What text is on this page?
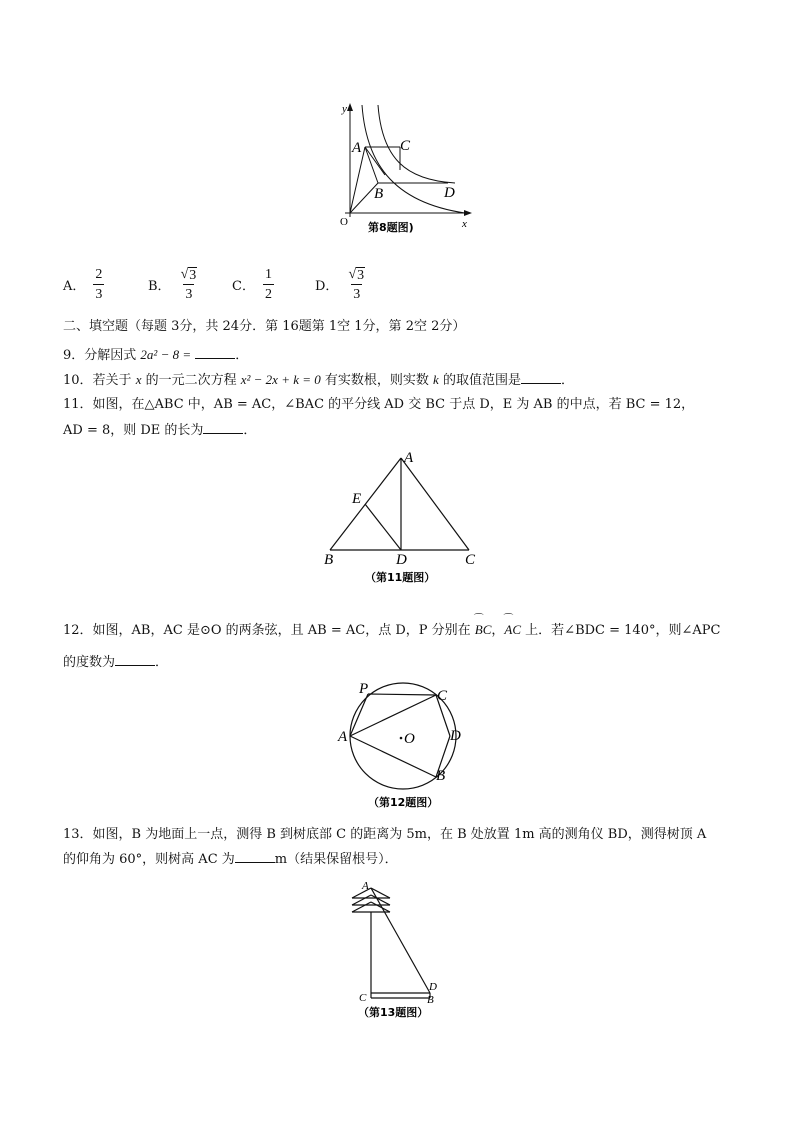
y
x
O
A
B
C
D
第8题图)
A． $\frac{2}{3}$	B． $\frac{√ 3}{3}$	C． $\frac{1}{2}$	D． $\frac{√ 3}{3}$
二、填空题（每题 3分，共 24分．第 16题第 1空 1分，第 2空 2分）
9．分解因式 2a² − 8 =	．
10．若关于 x 的一元二次方程 x² − 2x + k = 0 有实数根，则实数 k 的取值范围是	．
11．如图，在△ABC 中，AB = AC，∠BAC 的平分线 AD 交 BC 于点 D，E 为 AB 的中点，若 BC = 12，
AD = 8，则 DE 的长为	．
A
B	C
D
E
（第11题图）
12．如图，AB，AC 是⊙O 的两条弦，且 AB = AC，点 D，P 分别在 ⌒ BC，⌒ AC 上．若∠BDC = 140°，则∠APC
的度数为	．
P	C
A	O D
B
（第12题图）
13．如图，B 为地面上一点，测得 B 到树底部 C 的距离为 5m，在 B 处放置 1m 高的测角仪 BD，测得树顶 A
的仰角为 60°，则树高 AC 为	m（结果保留根号）．
A
C
D
B
（第13题图）
